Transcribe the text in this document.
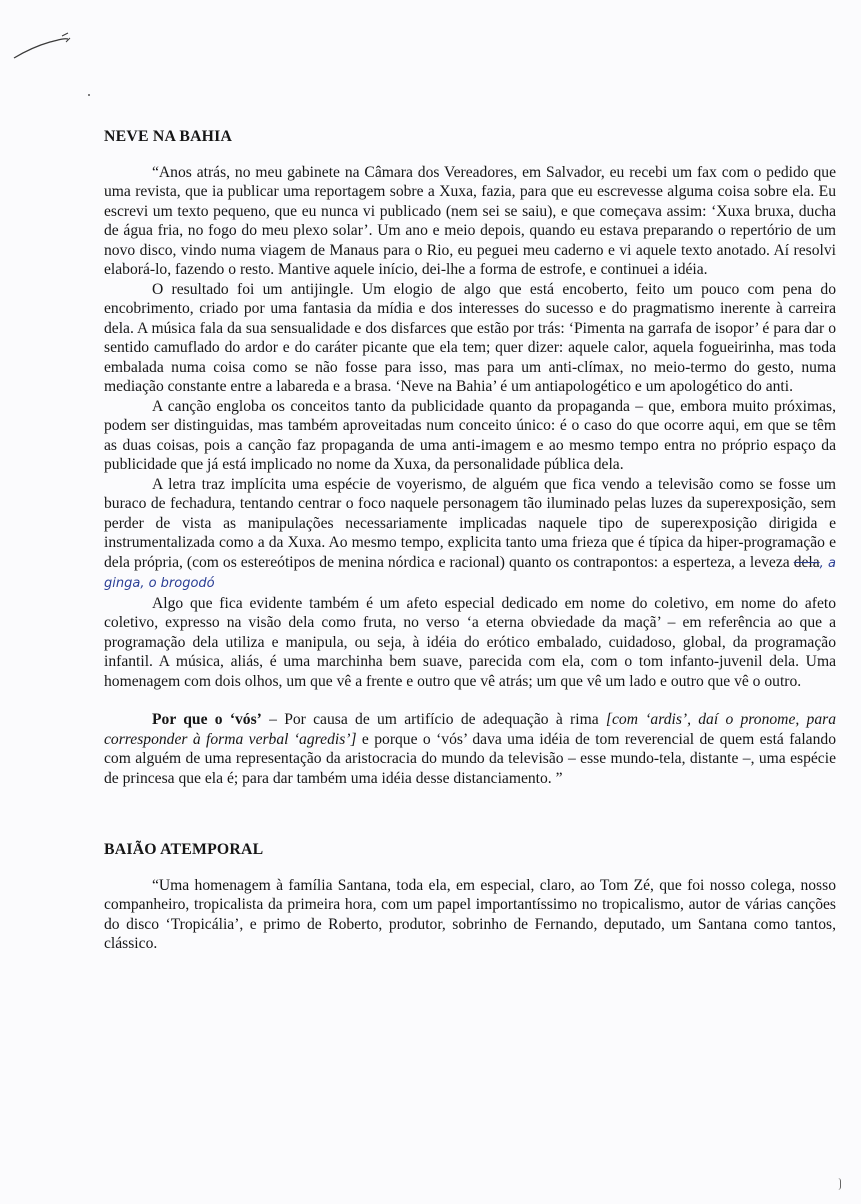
NEVE NA BAHIA

“Anos atrás, no meu gabinete na Câmara dos Vereadores, em Salvador, eu recebi um fax com o pedido que uma revista, que ia publicar uma reportagem sobre a Xuxa, fazia, para que eu escrevesse alguma coisa sobre ela. Eu escrevi um texto pequeno, que eu nunca vi publicado (nem sei se saiu), e que começava assim: ‘Xuxa bruxa, ducha de água fria, no fogo do meu plexo solar’. Um ano e meio depois, quando eu estava preparando o repertório de um novo disco, vindo numa viagem de Manaus para o Rio, eu peguei meu caderno e vi aquele texto anotado. Aí resolvi elaborá-lo, fazendo o resto. Mantive aquele início, dei-lhe a forma de estrofe, e continuei a idéia.

O resultado foi um antijingle. Um elogio de algo que está encoberto, feito um pouco com pena do encobrimento, criado por uma fantasia da mídia e dos interesses do sucesso e do pragmatismo inerente à carreira dela. A música fala da sua sensualidade e dos disfarces que estão por trás: ‘Pimenta na garrafa de isopor’ é para dar o sentido camuflado do ardor e do caráter picante que ela tem; quer dizer: aquele calor, aquela fogueirinha, mas toda embalada numa coisa como se não fosse para isso, mas para um anti-clímax, no meio-termo do gesto, numa mediação constante entre a labareda e a brasa. ‘Neve na Bahia’ é um antiapologético e um apologético do anti.

A canção engloba os conceitos tanto da publicidade quanto da propaganda – que, embora muito próximas, podem ser distinguidas, mas também aproveitadas num conceito único: é o caso do que ocorre aqui, em que se têm as duas coisas, pois a canção faz propaganda de uma anti-imagem e ao mesmo tempo entra no próprio espaço da publicidade que já está implicado no nome da Xuxa, da personalidade pública dela.

A letra traz implícita uma espécie de voyerismo, de alguém que fica vendo a televisão como se fosse um buraco de fechadura, tentando centrar o foco naquele personagem tão iluminado pelas luzes da superexposição, sem perder de vista as manipulações necessariamente implicadas naquele tipo de superexposição dirigida e instrumentalizada como a da Xuxa. Ao mesmo tempo, explicita tanto uma frieza que é típica da hiper-programação e dela própria, (com os estereótipos de menina nórdica e racional) quanto os contrapontos: a esperteza, a leveza dela, a ginga, o brogodó

Algo que fica evidente também é um afeto especial dedicado em nome do coletivo, em nome do afeto coletivo, expresso na visão dela como fruta, no verso ‘a eterna obviedade da maçã’ – em referência ao que a programação dela utiliza e manipula, ou seja, à idéia do erótico embalado, cuidadoso, global, da programação infantil. A música, aliás, é uma marchinha bem suave, parecida com ela, com o tom infanto-juvenil dela. Uma homenagem com dois olhos, um que vê a frente e outro que vê atrás; um que vê um lado e outro que vê o outro.

Por que o ‘vós’ – Por causa de um artifício de adequação à rima [com ‘ardis’, daí o pronome, para corresponder à forma verbal ‘agredis’] e porque o ‘vós’ dava uma idéia de tom reverencial de quem está falando com alguém de uma representação da aristocracia do mundo da televisão – esse mundo-tela, distante –, uma espécie de princesa que ela é; para dar também uma idéia desse distanciamento. ”

BAIÃO ATEMPORAL

“Uma homenagem à família Santana, toda ela, em especial, claro, ao Tom Zé, que foi nosso colega, nosso companheiro, tropicalista da primeira hora, com um papel importantíssimo no tropicalismo, autor de várias canções do disco ‘Tropicália’, e primo de Roberto, produtor, sobrinho de Fernando, deputado, um Santana como tantos, clássico.
